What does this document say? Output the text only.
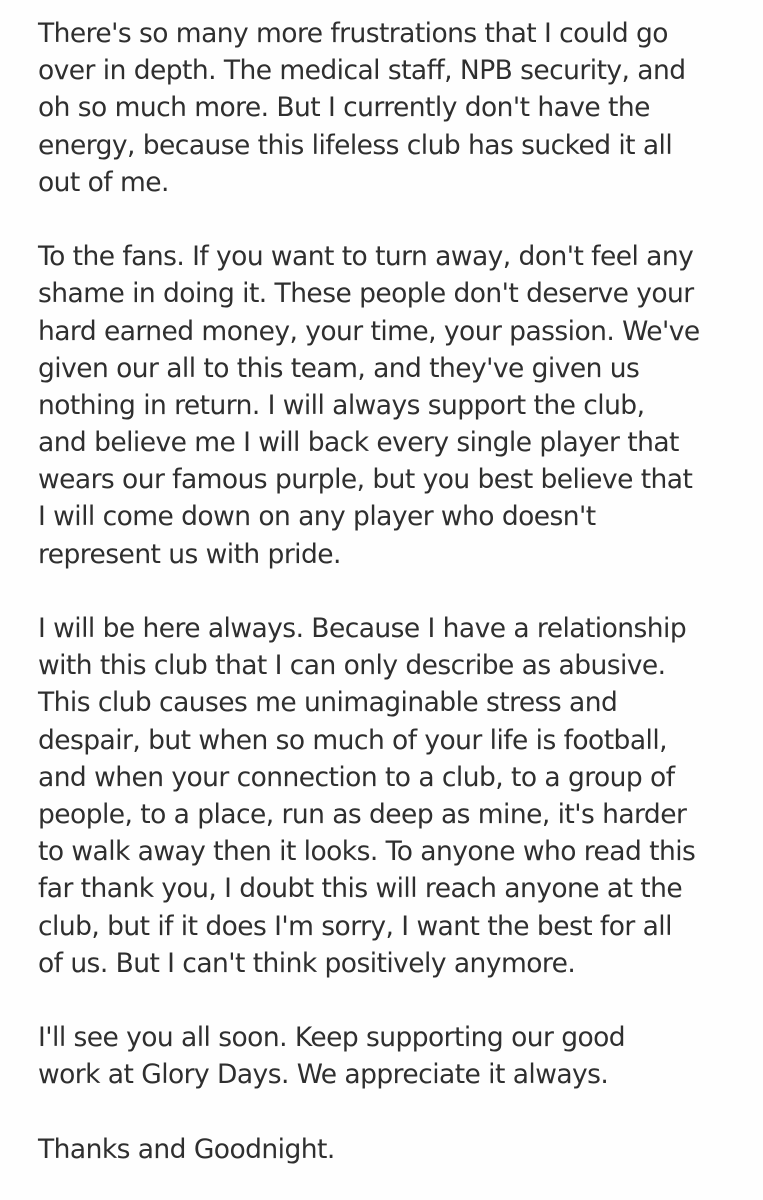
There's so many more frustrations that I could go
over in depth. The medical staff, NPB security, and
oh so much more. But I currently don't have the
energy, because this lifeless club has sucked it all
out of me.
To the fans. If you want to turn away, don't feel any
shame in doing it. These people don't deserve your
hard earned money, your time, your passion. We've
given our all to this team, and they've given us
nothing in return. I will always support the club,
and believe me I will back every single player that
wears our famous purple, but you best believe that
I will come down on any player who doesn't
represent us with pride.
I will be here always. Because I have a relationship
with this club that I can only describe as abusive.
This club causes me unimaginable stress and
despair, but when so much of your life is football,
and when your connection to a club, to a group of
people, to a place, run as deep as mine, it's harder
to walk away then it looks. To anyone who read this
far thank you, I doubt this will reach anyone at the
club, but if it does I'm sorry, I want the best for all
of us. But I can't think positively anymore.
I'll see you all soon. Keep supporting our good
work at Glory Days. We appreciate it always.
Thanks and Goodnight.
